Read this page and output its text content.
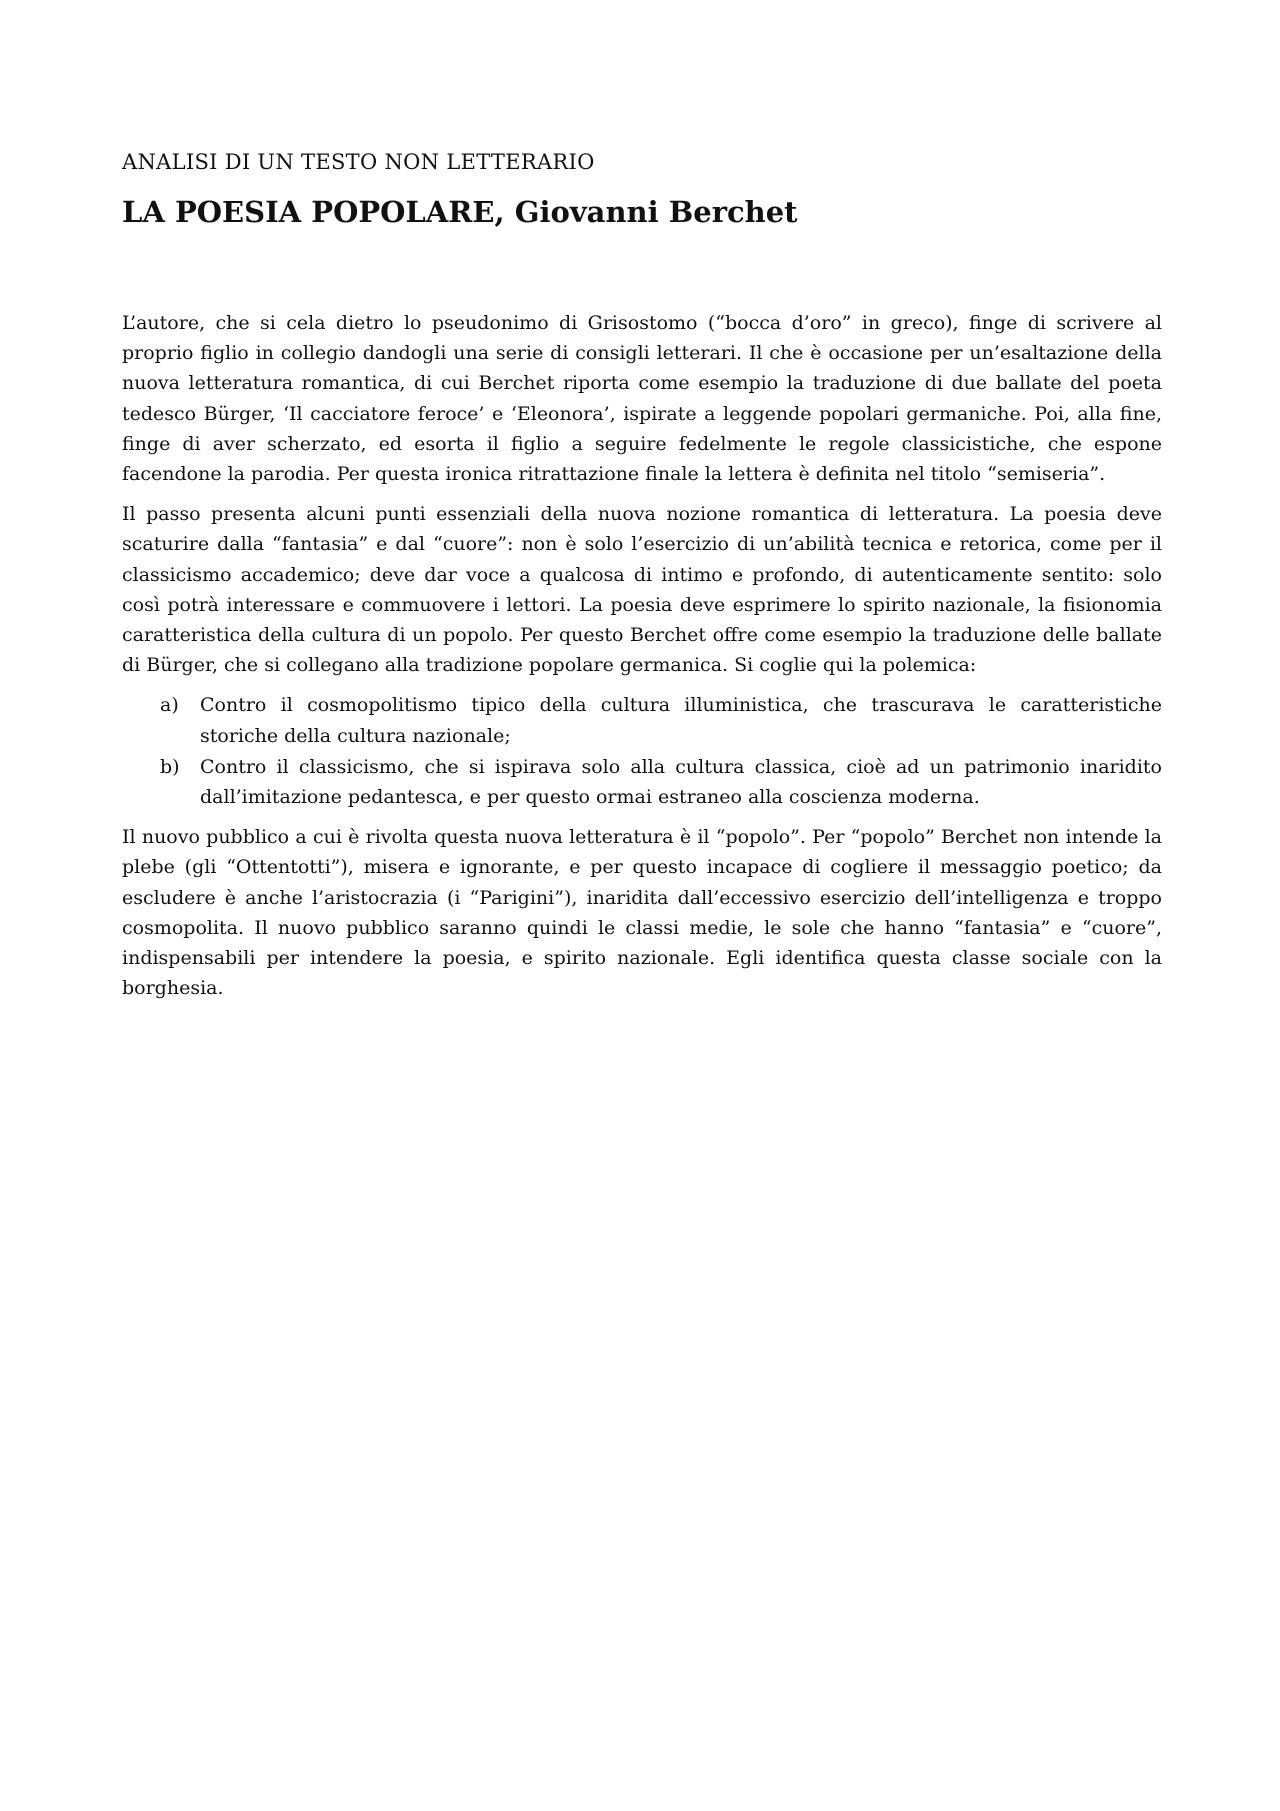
ANALISI DI UN TESTO NON LETTERARIO
LA POESIA POPOLARE, Giovanni Berchet

L’autore, che si cela dietro lo pseudonimo di Grisostomo (“bocca d’oro” in greco), finge di scrivere al proprio figlio in collegio dandogli una serie di consigli letterari. Il che è occasione per un’esaltazione della nuova letteratura romantica, di cui Berchet riporta come esempio la traduzione di due ballate del poeta tedesco Bürger, ‘Il cacciatore feroce’ e ‘Eleonora’, ispirate a leggende popolari germaniche. Poi, alla fine, finge di aver scherzato, ed esorta il figlio a seguire fedelmente le regole classicistiche, che espone facendone la parodia. Per questa ironica ritrattazione finale la lettera è definita nel titolo “semiseria”.

Il passo presenta alcuni punti essenziali della nuova nozione romantica di letteratura. La poesia deve scaturire dalla “fantasia” e dal “cuore”: non è solo l’esercizio di un’abilità tecnica e retorica, come per il classicismo accademico; deve dar voce a qualcosa di intimo e profondo, di autenticamente sentito: solo così potrà interessare e commuovere i lettori. La poesia deve esprimere lo spirito nazionale, la fisionomia caratteristica della cultura di un popolo. Per questo Berchet offre come esempio la traduzione delle ballate di Bürger, che si collegano alla tradizione popolare germanica. Si coglie qui la polemica:

a)	Contro il cosmopolitismo tipico della cultura illuministica, che trascurava le caratteristiche storiche della cultura nazionale;
b)	Contro il classicismo, che si ispirava solo alla cultura classica, cioè ad un patrimonio inaridito dall’imitazione pedantesca, e per questo ormai estraneo alla coscienza moderna.

Il nuovo pubblico a cui è rivolta questa nuova letteratura è il “popolo”. Per “popolo” Berchet non intende la plebe (gli “Ottentotti”), misera e ignorante, e per questo incapace di cogliere il messaggio poetico; da escludere è anche l’aristocrazia (i “Parigini”), inaridita dall’eccessivo esercizio dell’intelligenza e troppo cosmopolita. Il nuovo pubblico saranno quindi le classi medie, le sole che hanno “fantasia” e “cuore”, indispensabili per intendere la poesia, e spirito nazionale. Egli identifica questa classe sociale con la borghesia.
